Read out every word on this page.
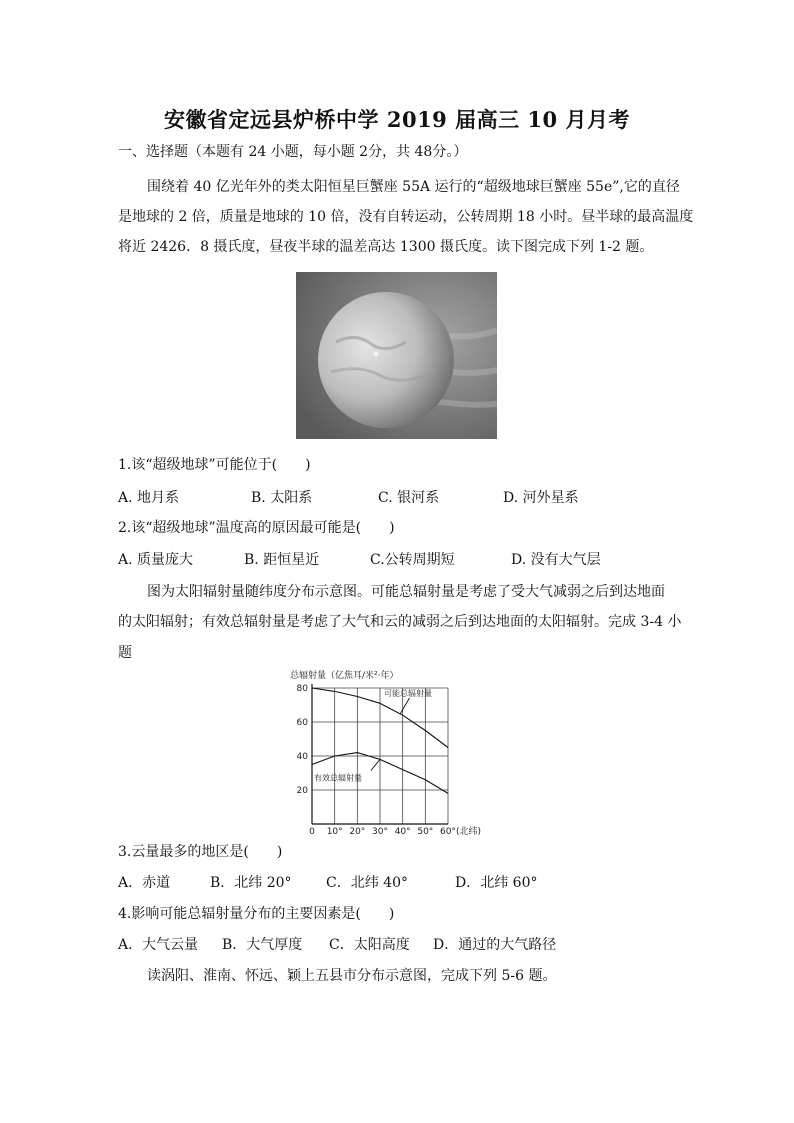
安徽省定远县炉桥中学 2019 届高三 10 月月考
一、选择题（本题有 24 小题，每小题 2分，共 48分。）
围绕着 40 亿光年外的类太阳恒星巨蟹座 55A 运行的“超级地球巨蟹座 55e”,它的直径
是地球的 2 倍，质量是地球的 10 倍，没有自转运动，公转周期 18 小时。昼半球的最高温度
将近 2426．8 摄氏度，昼夜半球的温差高达 1300 摄氏度。读下图完成下列 1-2 题。
1.该“超级地球”可能位于(　　)
A. 地月系	B. 太阳系	C. 银河系	D. 河外星系
2.该“超级地球”温度高的原因最可能是(　　)
A. 质量庞大	B. 距恒星近	C.公转周期短	D. 没有大气层
图为太阳辐射量随纬度分布示意图。可能总辐射量是考虑了受大气减弱之后到达地面
的太阳辐射；有效总辐射量是考虑了大气和云的减弱之后到达地面的太阳辐射。完成 3-4 小
题
20
40
60
80
0 10° 20° 30° 40° 50° 60°
总辐射量（亿焦耳/米²·年）
(北纬)
可能总辐射量
有效总辐射量
3.云量最多的地区是(　　)
A．赤道	B．北纬 20° C．北纬 40°	D．北纬 60°
4.影响可能总辐射量分布的主要因素是(　　)
A．大气云量 B．大气厚度 C．太阳高度 D．通过的大气路径
读涡阳、淮南、怀远、颖上五县市分布示意图，完成下列 5-6 题。
